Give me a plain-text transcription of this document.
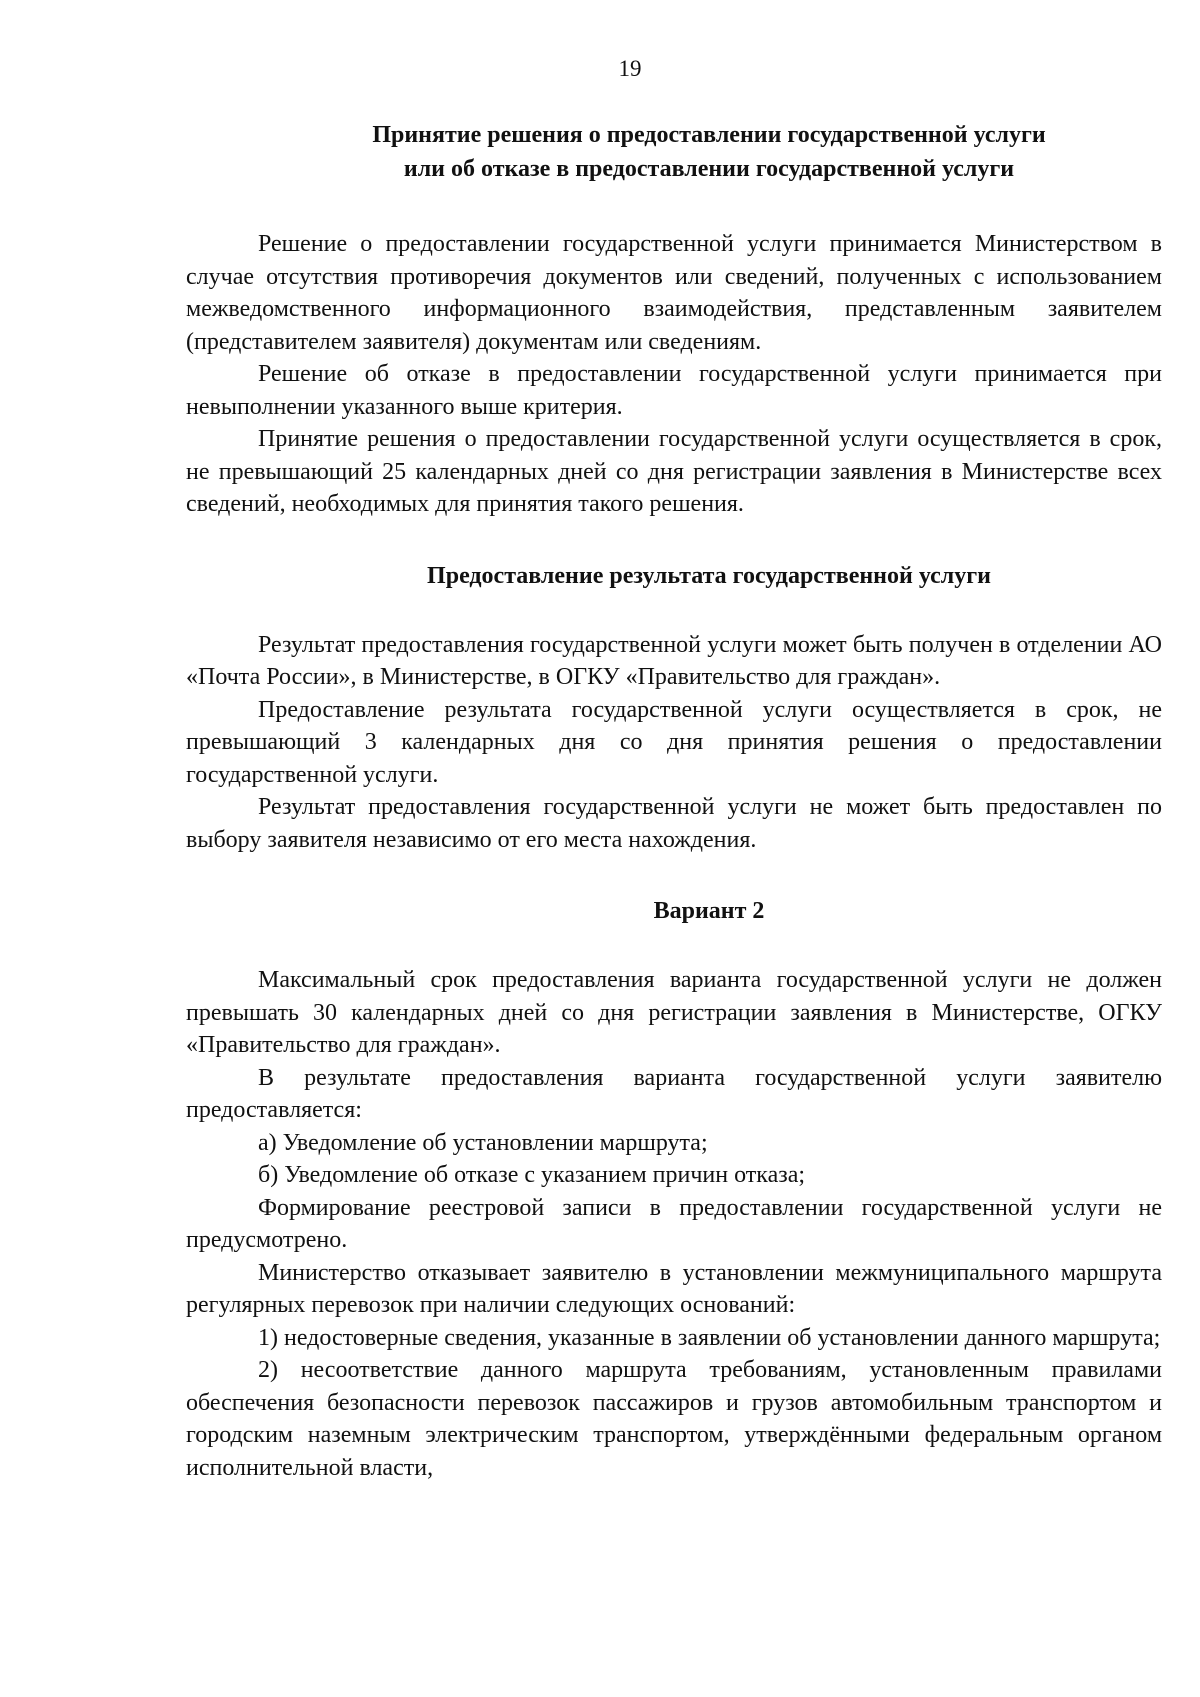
19
Принятие решения о предоставлении государственной услуги
или об отказе в предоставлении государственной услуги

Решение о предоставлении государственной услуги принимается Министерством в случае отсутствия противоречия документов или сведений, полученных с использованием межведомственного информационного взаимодействия, представленным заявителем (представителем заявителя) документам или сведениям.

Решение об отказе в предоставлении государственной услуги принимается при невыполнении указанного выше критерия.

Принятие решения о предоставлении государственной услуги осуществляется в срок, не превышающий 25 календарных дней со дня регистрации заявления в Министерстве всех сведений, необходимых для принятия такого решения.

Предоставление результата государственной услуги

Результат предоставления государственной услуги может быть получен в отделении АО «Почта России», в Министерстве, в ОГКУ «Правительство для граждан».

Предоставление результата государственной услуги осуществляется в срок, не превышающий 3 календарных дня со дня принятия решения о предоставлении государственной услуги.

Результат предоставления государственной услуги не может быть предоставлен по выбору заявителя независимо от его места нахождения.

Вариант 2

Максимальный срок предоставления варианта государственной услуги не должен превышать 30 календарных дней со дня регистрации заявления в Министерстве, ОГКУ «Правительство для граждан».

В результате предоставления варианта государственной услуги заявителю предоставляется:

а) Уведомление об установлении маршрута;

б) Уведомление об отказе с указанием причин отказа;

Формирование реестровой записи в предоставлении государственной услуги не предусмотрено.

Министерство отказывает заявителю в установлении межмуниципального маршрута регулярных перевозок при наличии следующих оснований:

1) недостоверные сведения, указанные в заявлении об установлении данного маршрута;

2) несоответствие данного маршрута требованиям, установленным правилами обеспечения безопасности перевозок пассажиров и грузов автомобильным транспортом и городским наземным электрическим транспортом, утверждёнными федеральным органом исполнительной власти,
